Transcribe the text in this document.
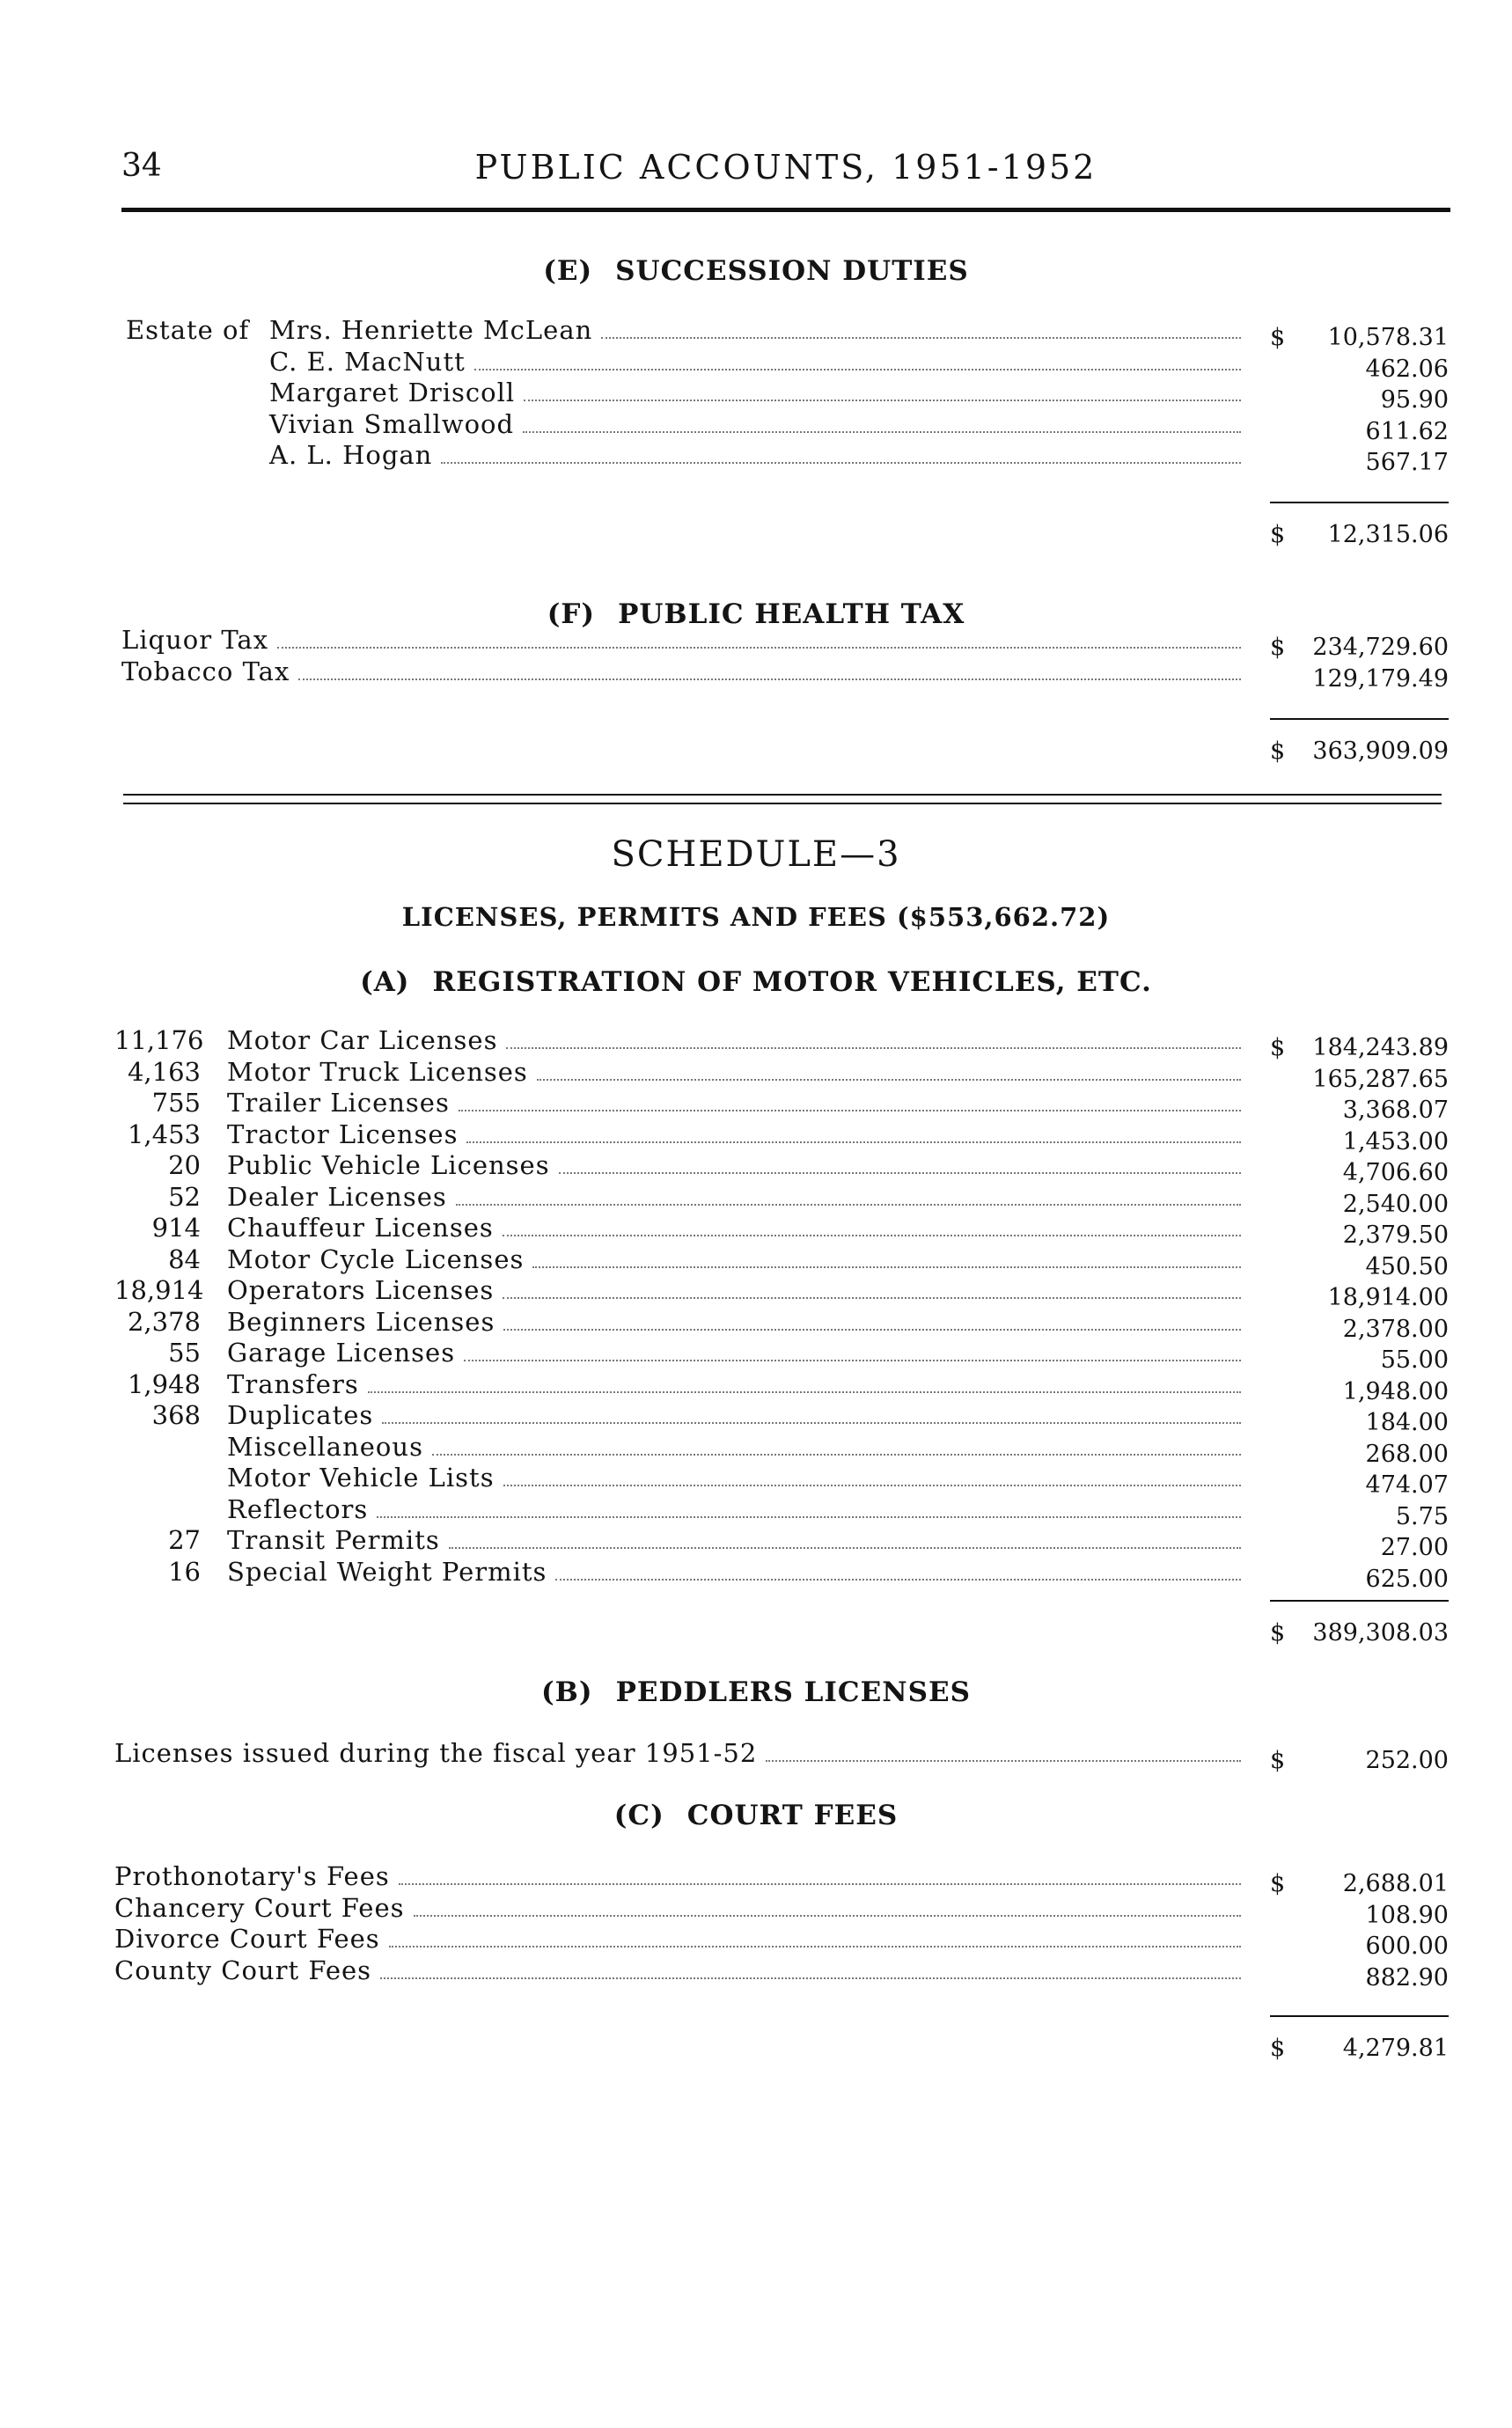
34	PUBLIC ACCOUNTS, 1951-1952
(E) SUCCESSION DUTIES
Estate of Mrs. Henriette McLean	$ 10,578.31
C. E. MacNutt	462.06
Margaret Driscoll	95.90
Vivian Smallwood	611.62
A. L. Hogan	567.17
$ 12,315.06
(F) PUBLIC HEALTH TAX
Liquor Tax	$ 234,729.60
Tobacco Tax	129,179.49
$ 363,909.09
SCHEDULE—3
LICENSES, PERMITS AND FEES ($553,662.72)
(A) REGISTRATION OF MOTOR VEHICLES, ETC.
11,176 Motor Car Licenses	$ 184,243.89
4,163 Motor Truck Licenses	165,287.65
755 Trailer Licenses	3,368.07
1,453 Tractor Licenses	1,453.00
20 Public Vehicle Licenses	4,706.60
52 Dealer Licenses	2,540.00
914 Chauffeur Licenses	2,379.50
84 Motor Cycle Licenses	450.50
18,914 Operators Licenses	18,914.00
2,378 Beginners Licenses	2,378.00
55 Garage Licenses	55.00
1,948 Transfers	1,948.00
368 Duplicates	184.00
Miscellaneous	268.00
Motor Vehicle Lists	474.07
Reflectors	5.75
27 Transit Permits	27.00
16 Special Weight Permits	625.00
$ 389,308.03
(B) PEDDLERS LICENSES
Licenses issued during the fiscal year 1951-52	$	252.00
(C) COURT FEES
Prothonotary's Fees	$ 2,688.01
Chancery Court Fees	108.90
Divorce Court Fees	600.00
County Court Fees	882.90
$ 4,279.81
